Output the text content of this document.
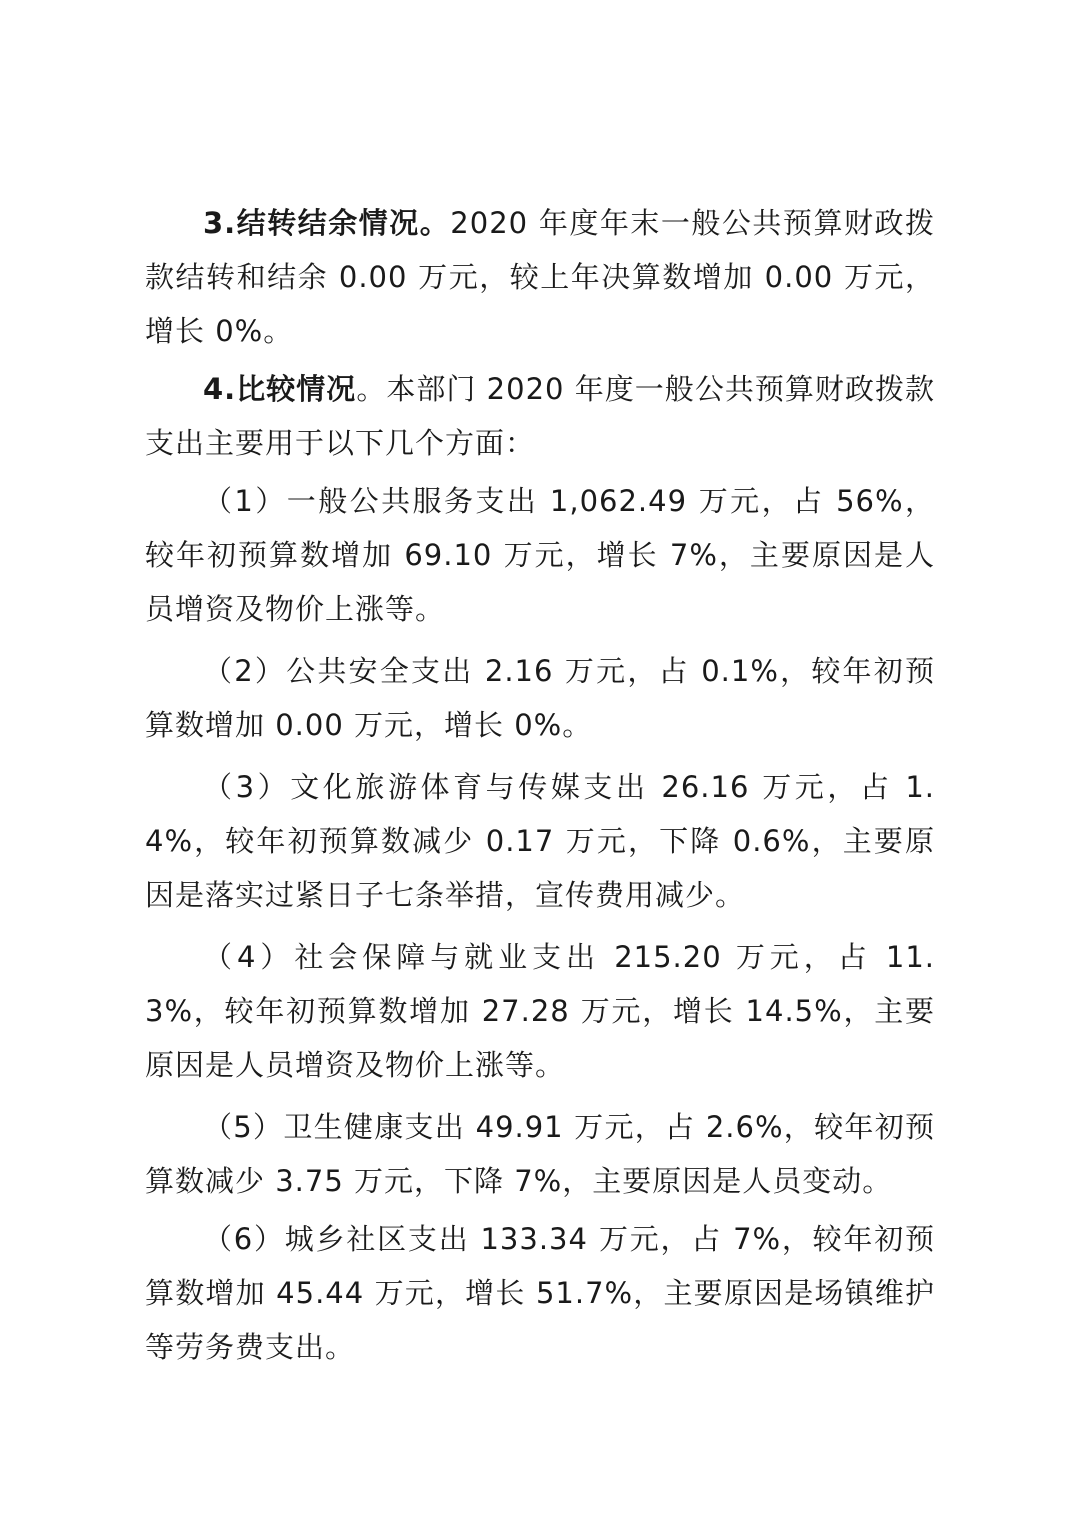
3.结转结余情况。2020 年度年末一般公共预算财政拨款结转和结余 0.00 万元，较上年决算数增加 0.00 万元，增长 0%。

4.比较情况。本部门 2020 年度一般公共预算财政拨款支出主要用于以下几个方面：

（1）一般公共服务支出 1,062.49 万元，占 56%，较年初预算数增加 69.10 万元，增长 7%，主要原因是人员增资及物价上涨等。

（2）公共安全支出 2.16 万元，占 0.1%，较年初预算数增加 0.00 万元，增长 0%。

（3）文化旅游体育与传媒支出 26.16 万元，占 1.4%，较年初预算数减少 0.17 万元，下降 0.6%，主要原因是落实过紧日子七条举措，宣传费用减少。

（4）社会保障与就业支出 215.20 万元，占 11.3%，较年初预算数增加 27.28 万元，增长 14.5%，主要原因是人员增资及物价上涨等。

（5）卫生健康支出 49.91 万元，占 2.6%，较年初预算数减少 3.75 万元，下降 7%，主要原因是人员变动。

（6）城乡社区支出 133.34 万元，占 7%，较年初预算数增加 45.44 万元，增长 51.7%，主要原因是场镇维护等劳务费支出。
